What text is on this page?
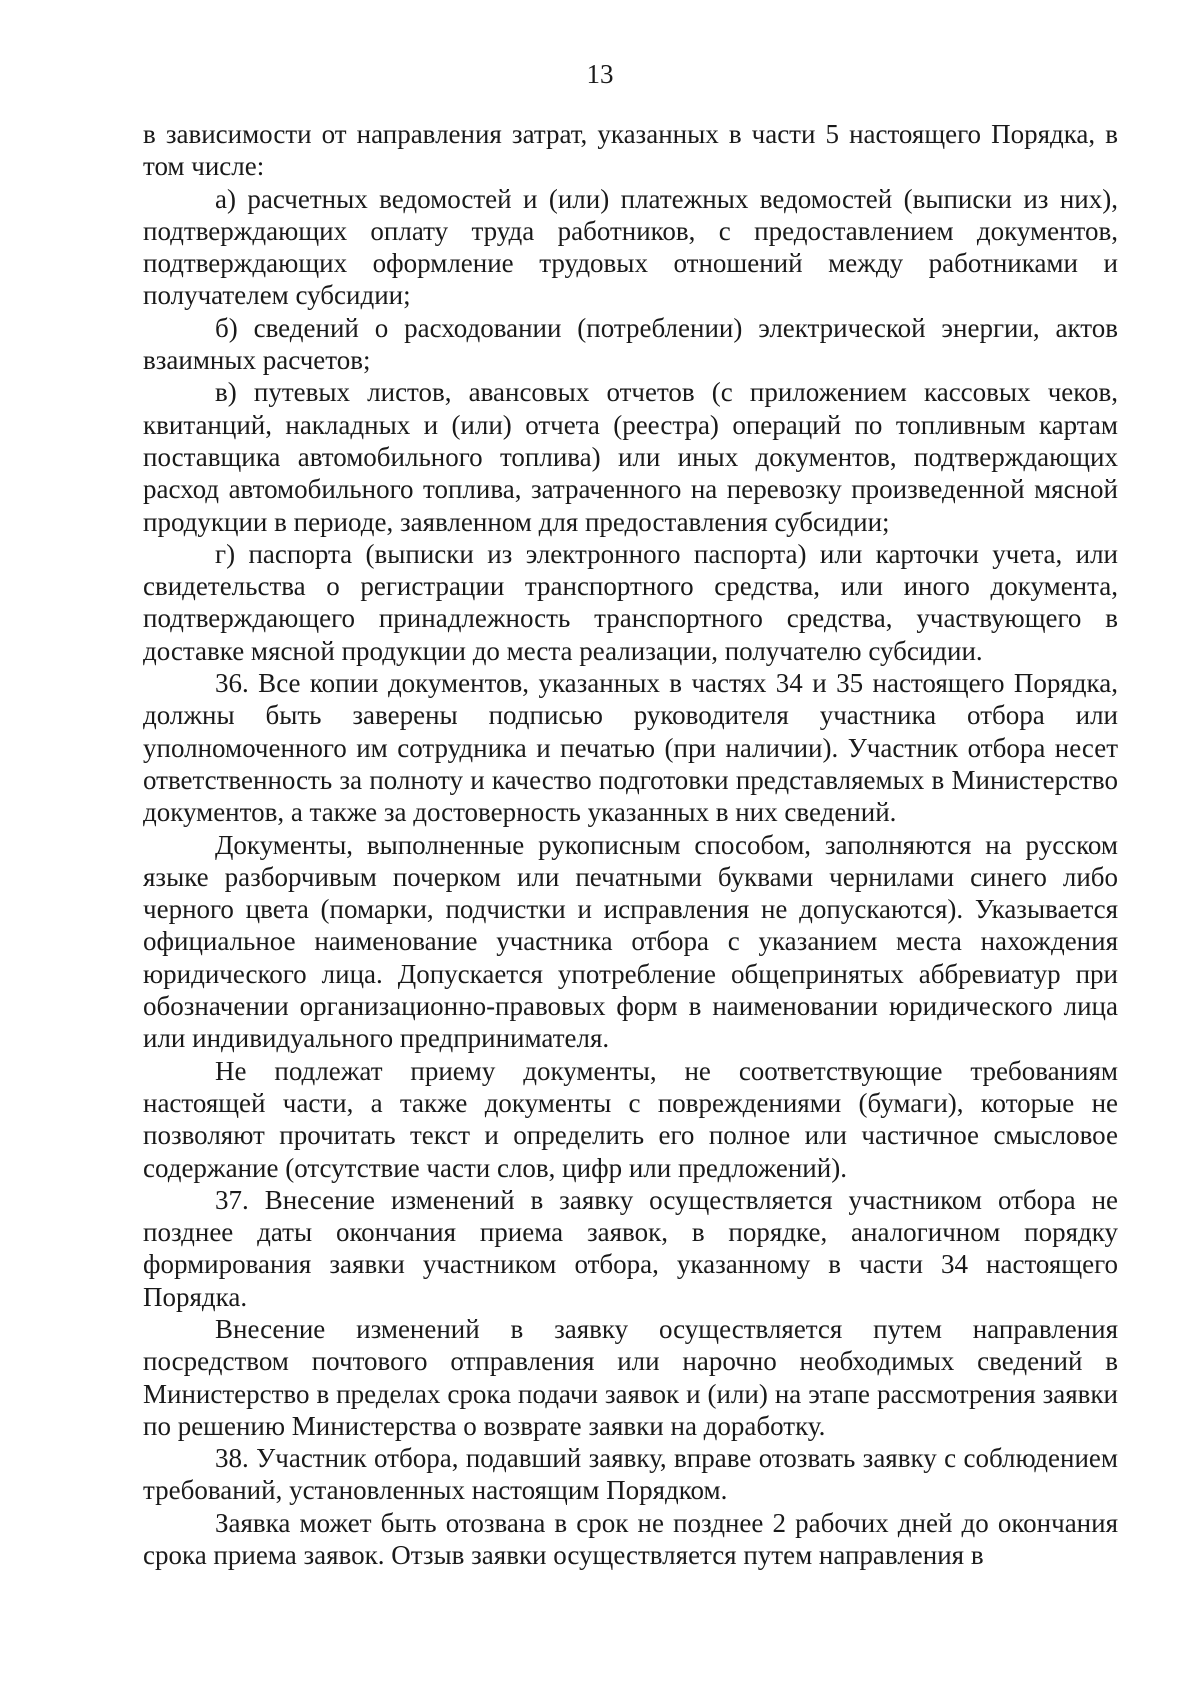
13

в зависимости от направления затрат, указанных в части 5 настоящего Порядка, в том числе:

а) расчетных ведомостей и (или) платежных ведомостей (выписки из них), подтверждающих оплату труда работников, с предоставлением документов, подтверждающих оформление трудовых отношений между работниками и получателем субсидии;

б) сведений о расходовании (потреблении) электрической энергии, актов взаимных расчетов;

в) путевых листов, авансовых отчетов (с приложением кассовых чеков, квитанций, накладных и (или) отчета (реестра) операций по топливным картам поставщика автомобильного топлива) или иных документов, подтверждающих расход автомобильного топлива, затраченного на перевозку произведенной мясной продукции в периоде, заявленном для предоставления субсидии;

г) паспорта (выписки из электронного паспорта) или карточки учета, или свидетельства о регистрации транспортного средства, или иного документа, подтверждающего принадлежность транспортного средства, участвующего в доставке мясной продукции до места реализации, получателю субсидии.

36. Все копии документов, указанных в частях 34 и 35 настоящего Порядка, должны быть заверены подписью руководителя участника отбора или уполномоченного им сотрудника и печатью (при наличии). Участник отбора несет ответственность за полноту и качество подготовки представляемых в Министерство документов, а также за достоверность указанных в них сведений.

Документы, выполненные рукописным способом, заполняются на русском языке разборчивым почерком или печатными буквами чернилами синего либо черного цвета (помарки, подчистки и исправления не допускаются). Указывается официальное наименование участника отбора с указанием места нахождения юридического лица. Допускается употребление общепринятых аббревиатур при обозначении организационно-правовых форм в наименовании юридического лица или индивидуального предпринимателя.

Не подлежат приему документы, не соответствующие требованиям настоящей части, а также документы с повреждениями (бумаги), которые не позволяют прочитать текст и определить его полное или частичное смысловое содержание (отсутствие части слов, цифр или предложений).

37. Внесение изменений в заявку осуществляется участником отбора не позднее даты окончания приема заявок, в порядке, аналогичном порядку формирования заявки участником отбора, указанному в части 34 настоящего Порядка.

Внесение изменений в заявку осуществляется путем направления посредством почтового отправления или нарочно необходимых сведений в Министерство в пределах срока подачи заявок и (или) на этапе рассмотрения заявки по решению Министерства о возврате заявки на доработку.

38. Участник отбора, подавший заявку, вправе отозвать заявку с соблюдением требований, установленных настоящим Порядком.

Заявка может быть отозвана в срок не позднее 2 рабочих дней до окончания срока приема заявок. Отзыв заявки осуществляется путем направления в
